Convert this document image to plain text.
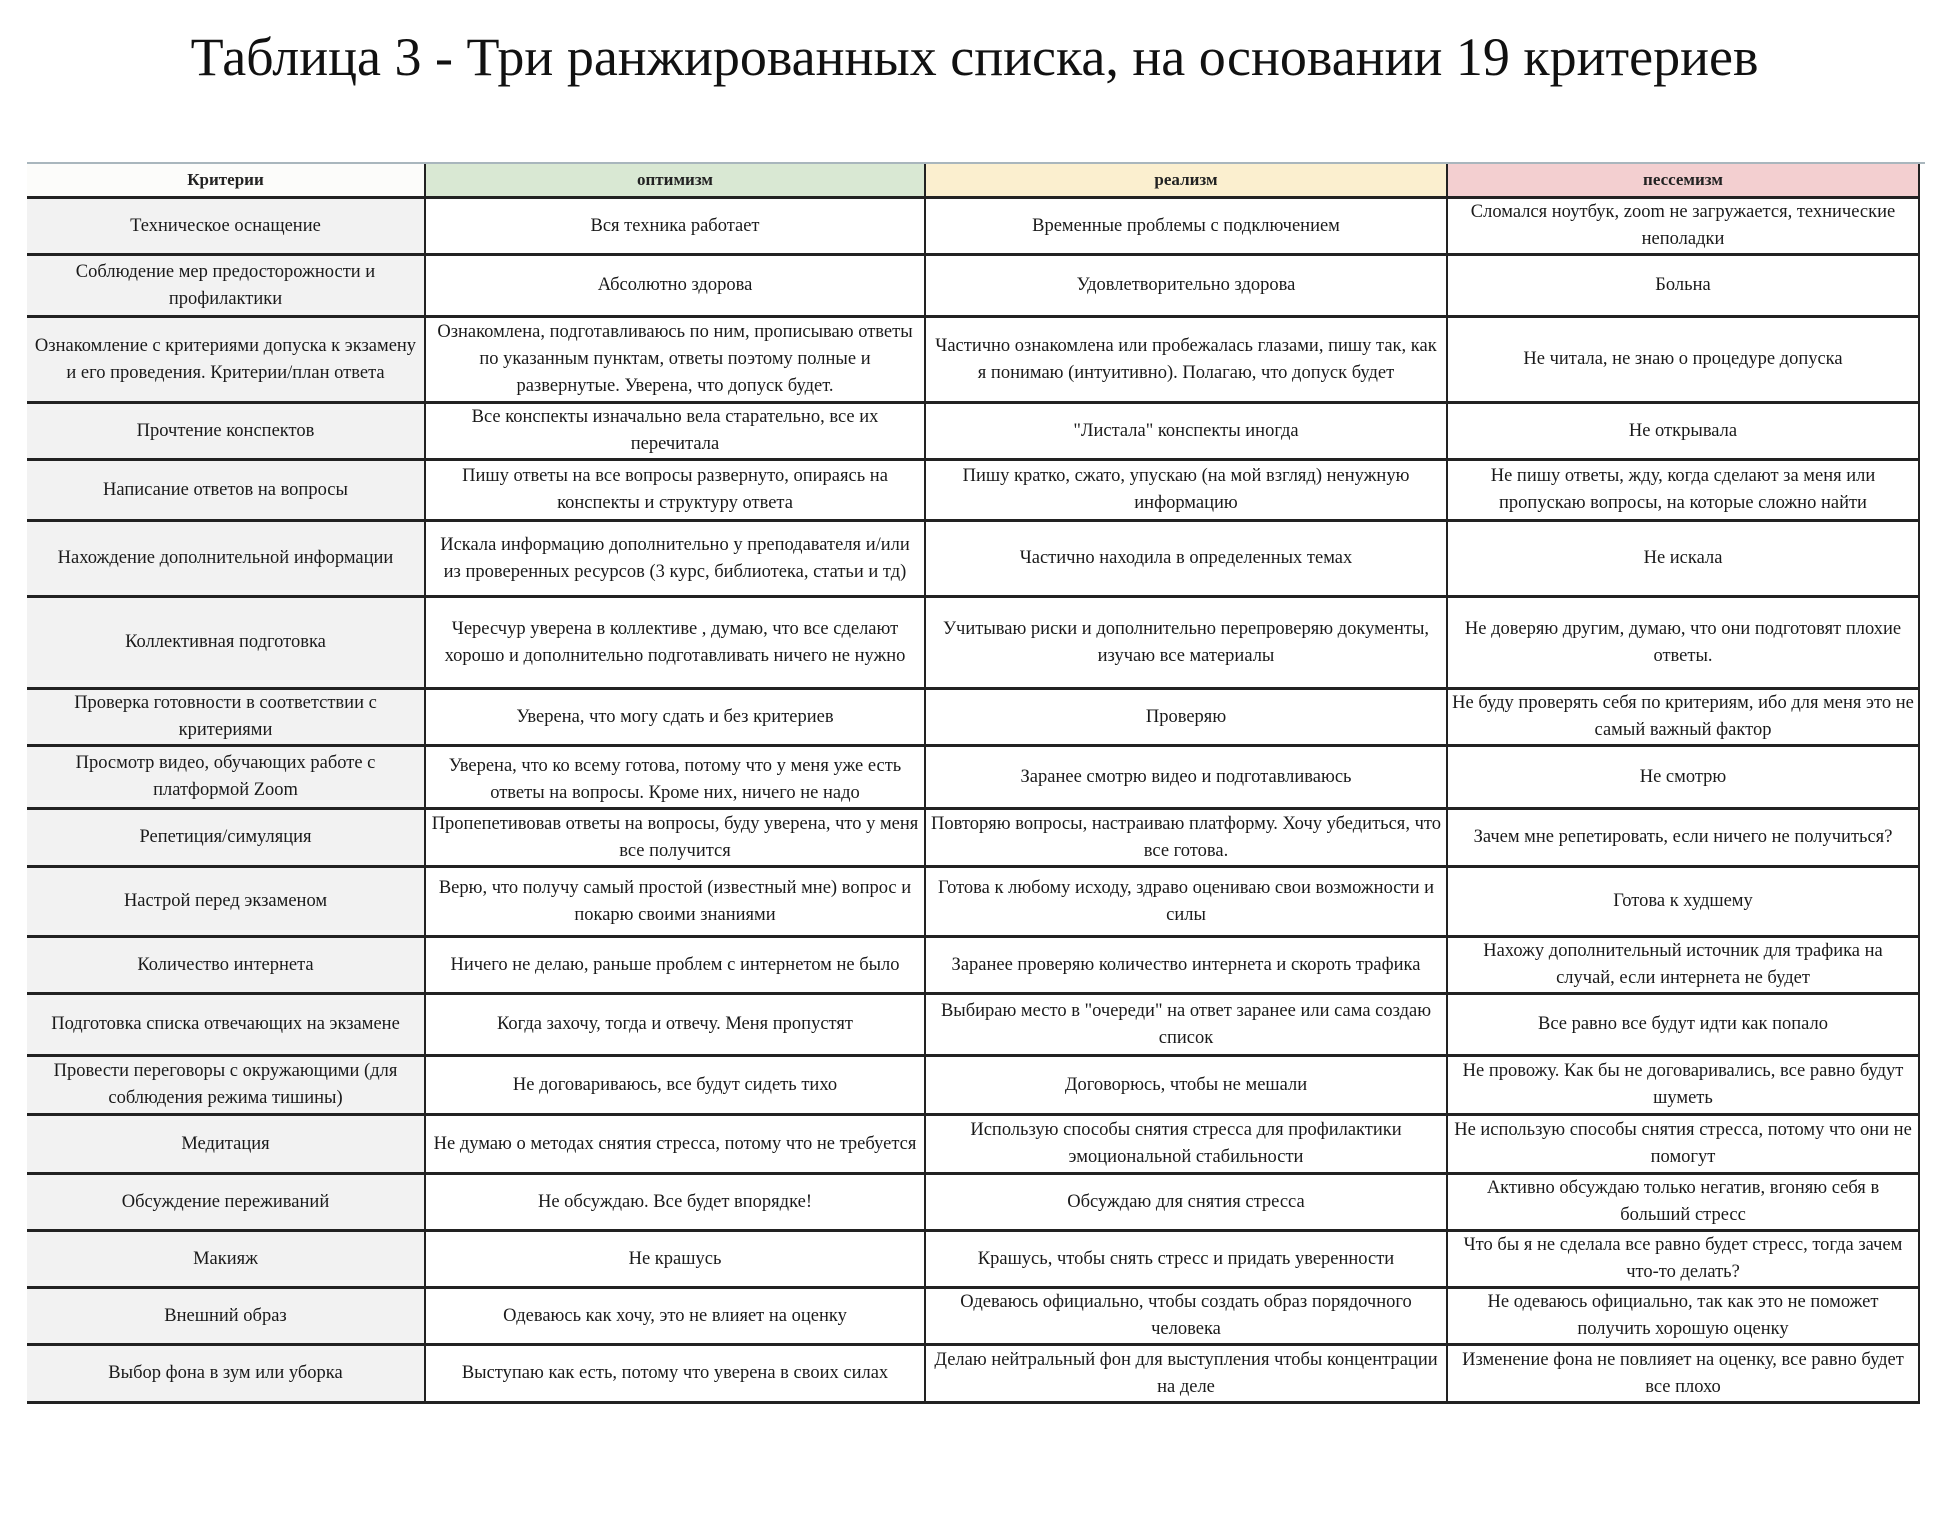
Таблица 3 - Три ранжированных списка, на основании 19 критериев
Критерии	оптимизм	реализм	пессемизм

Техническое оснащение	Вся техника работает	Временные проблемы с подключением	Сломался ноутбук, zoom не загружается, технические неполадки

Соблюдение мер предосторожности и профилактики	Абсолютно здорова	Удовлетворительно здорова	Больна

Ознакомление с критериями допуска к экзамену и его проведения. Критерии/план ответа	Ознакомлена, подготавливаюсь по ним, прописываю ответы по указанным пунктам, ответы поэтому полные и развернутые. Уверена, что допуск будет.	Частично ознакомлена или пробежалась глазами, пишу так, как я понимаю (интуитивно). Полагаю, что допуск будет	Не читала, не знаю о процедуре допуска

Прочтение конспектов	Все конспекты изначально вела старательно, все их перечитала	"Листала" конспекты иногда	Не открывала

Написание ответов на вопросы	Пишу ответы на все вопросы развернуто, опираясь на конспекты и структуру ответа	Пишу кратко, сжато, упускаю (на мой взгляд) ненужную информацию	Не пишу ответы, жду, когда сделают за меня или пропускаю вопросы, на которые сложно найти

Нахождение дополнительной информации	Искала информацию дополнительно у преподавателя и/или из проверенных ресурсов (3 курс, библиотека, статьи и тд)	Частично находила в определенных темах	Не искала

Коллективная подготовка	Чересчур уверена в коллективе , думаю, что все сделают хорошо и дополнительно подготавливать ничего не нужно	Учитываю риски и дополнительно перепроверяю документы, изучаю все материалы	Не доверяю другим, думаю, что они подготовят плохие ответы.

Проверка готовности в соответствии с критериями	Уверена, что могу сдать и без критериев	Проверяю	Не буду проверять себя по критериям, ибо для меня это не самый важный фактор

Просмотр видео, обучающих работе с платформой Zoom	Уверена, что ко всему готова, потому что у меня уже есть ответы на вопросы. Кроме них, ничего не надо	Заранее смотрю видео и подготавливаюсь	Не смотрю

Репетиция/симуляция	Пропепетивовав ответы на вопросы, буду уверена, что у меня все получится	Повторяю вопросы, настраиваю платформу. Хочу убедиться, что все готова.	Зачем мне репетировать, если ничего не получиться?

Настрой перед экзаменом	Верю, что получу самый простой (известный мне) вопрос и покарю своими знаниями	Готова к любому исходу, здраво оцениваю свои возможности и силы	Готова к худшему

Количество интернета	Ничего не делаю, раньше проблем с интернетом не было	Заранее проверяю количество интернета и скороть трафика	Нахожу дополнительный источник для трафика на случай, если интернета не будет

Подготовка списка отвечающих на экзамене	Когда захочу, тогда и отвечу. Меня пропустят	Выбираю место в "очереди" на ответ заранее или сама создаю список	Все равно все будут идти как попало

Провести переговоры с окружающими (для соблюдения режима тишины)	Не договариваюсь, все будут сидеть тихо	Договорюсь, чтобы не мешали	Не провожу. Как бы не договаривались, все равно будут шуметь

Медитация	Не думаю о методах снятия стресса, потому что не требуется	Использую способы снятия стресса для профилактики эмоциональной стабильности	Не использую способы снятия стресса, потому что они не помогут

Обсуждение переживаний	Не обсуждаю. Все будет впорядке!	Обсуждаю для снятия стресса	Активно обсуждаю только негатив, вгоняю себя в больший стресс

Макияж	Не крашусь	Крашусь, чтобы снять стресс и придать уверенности	Что бы я не сделала все равно будет стресс, тогда зачем что-то делать?

Внешний образ	Одеваюсь как хочу, это не влияет на оценку	Одеваюсь официально, чтобы создать образ порядочного человека	Не одеваюсь официально, так как это не поможет получить хорошую оценку

Выбор фона в зум или уборка	Выступаю как есть, потому что уверена в своих силах	Делаю нейтральный фон для выступления чтобы концентрации на деле	Изменение фона не повлияет на оценку, все равно будет все плохо
